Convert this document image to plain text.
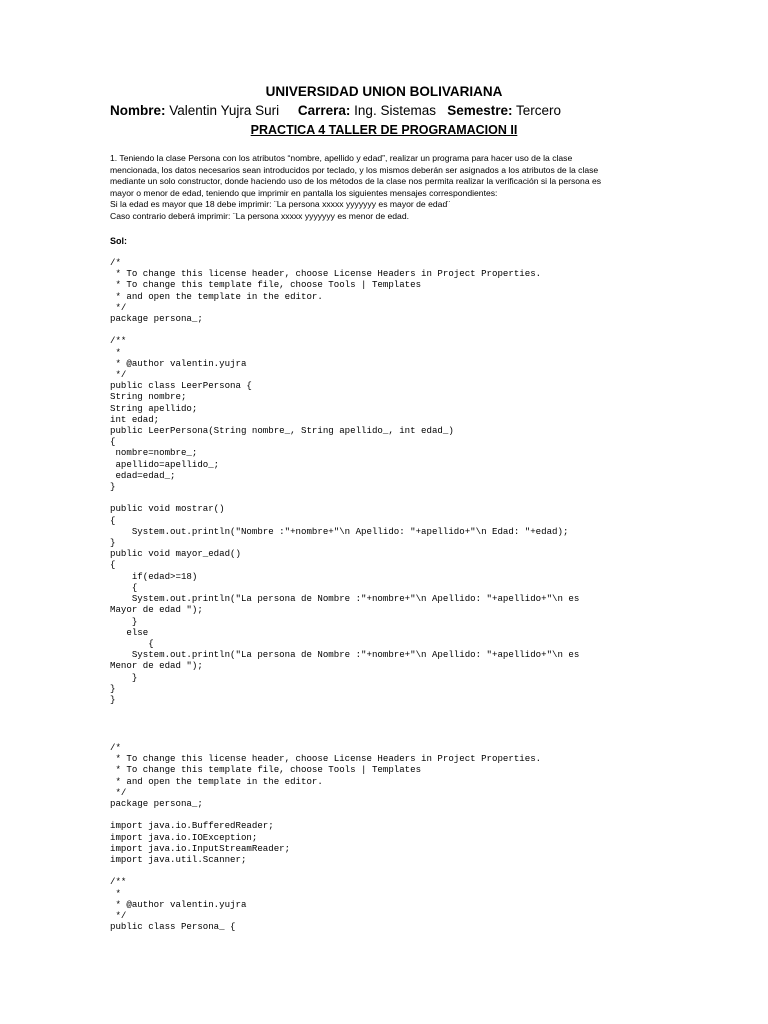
UNIVERSIDAD UNION BOLIVARIANA
Nombre: Valentin Yujra Suri Carrera: Ing. Sistemas Semestre: Tercero
PRACTICA 4 TALLER DE PROGRAMACION II
1. Teniendo la clase Persona con los atributos “nombre, apellido y edad”, realizar un programa para hacer uso de la clase
mencionada, los datos necesarios sean introducidos por teclado, y los mismos deberán ser asignados a los atributos de la clase
mediante un solo constructor, donde haciendo uso de los métodos de la clase nos permita realizar la verificación si la persona es
mayor o menor de edad, teniendo que imprimir en pantalla los siguientes mensajes correspondientes:
Si la edad es mayor que 18 debe imprimir: ¨La persona xxxxx yyyyyyy es mayor de edad¨
Caso contrario deberá imprimir: ¨La persona xxxxx yyyyyyy es menor de edad.
Sol:
/*
* To change this license header, choose License Headers in Project Properties.
* To change this template file, choose Tools | Templates
* and open the template in the editor.
*/
package persona_;

/**
*
* @author valentin.yujra
*/
public class LeerPersona {
String nombre;
String apellido;
int edad;
public LeerPersona(String nombre_, String apellido_, int edad_)
{
nombre=nombre_;
apellido=apellido_;
edad=edad_;
}

public void mostrar()
{
System.out.println("Nombre :"+nombre+"\n Apellido: "+apellido+"\n Edad: "+edad);
}
public void mayor_edad()
{
if(edad>=18)
{
System.out.println("La persona de Nombre :"+nombre+"\n Apellido: "+apellido+"\n es
Mayor de edad ");
}
else
{
System.out.println("La persona de Nombre :"+nombre+"\n Apellido: "+apellido+"\n es
Menor de edad ");
}
}
}
/*
* To change this license header, choose License Headers in Project Properties.
* To change this template file, choose Tools | Templates
* and open the template in the editor.
*/
package persona_;

import java.io.BufferedReader;
import java.io.IOException;
import java.io.InputStreamReader;
import java.util.Scanner;

/**
*
* @author valentin.yujra
*/
public class Persona_ {
